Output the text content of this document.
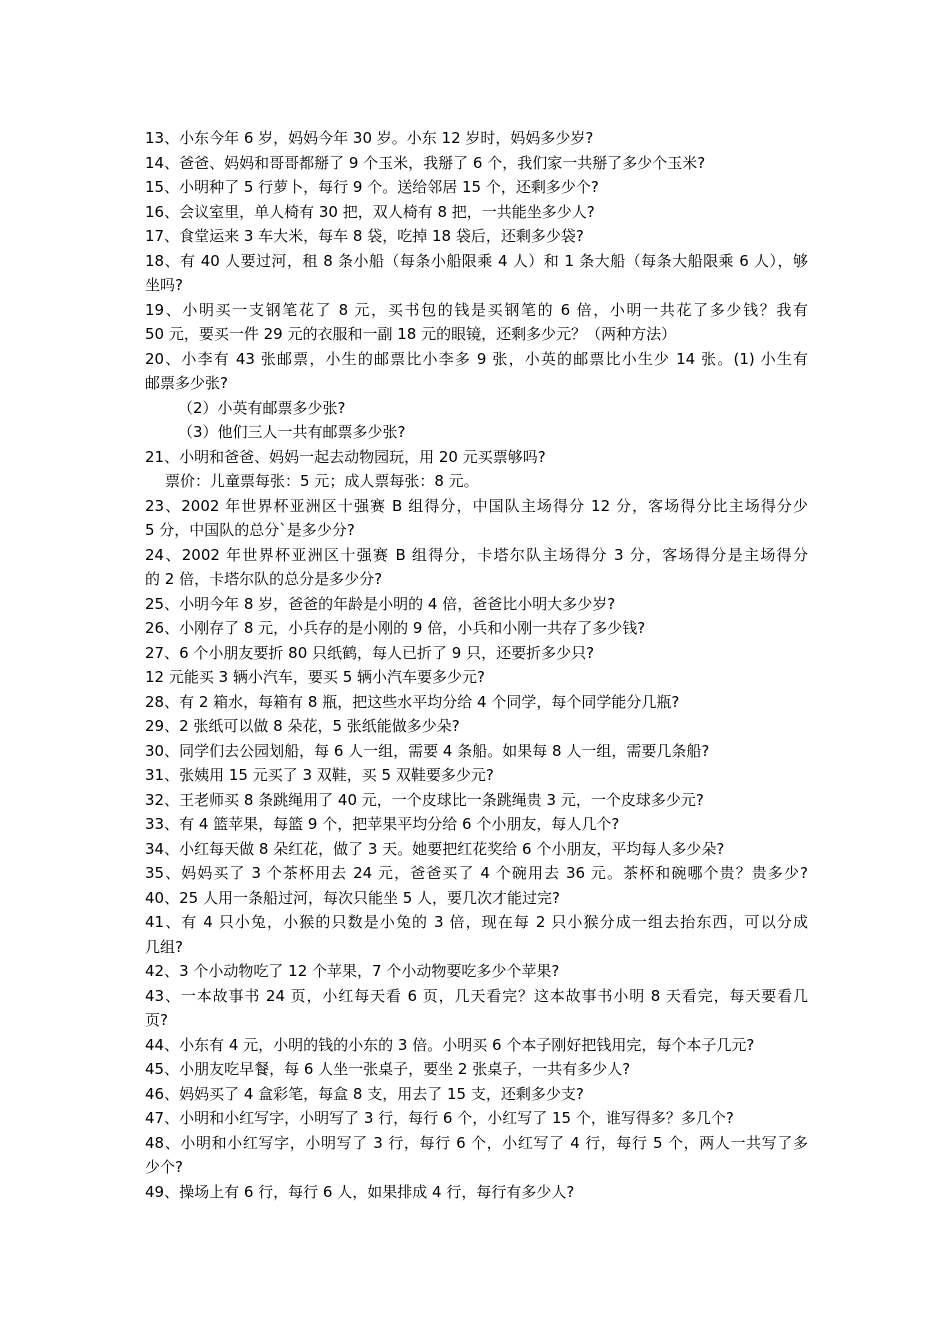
13、小东今年 6 岁，妈妈今年 30 岁。小东 12 岁时，妈妈多少岁?
14、爸爸、妈妈和哥哥都掰了 9 个玉米，我掰了 6 个，我们家一共掰了多少个玉米?
15、小明种了 5 行萝卜，每行 9 个。送给邻居 15 个，还剩多少个?
16、会议室里，单人椅有 30 把，双人椅有 8 把，一共能坐多少人?
17、食堂运来 3 车大米，每车 8 袋，吃掉 18 袋后，还剩多少袋?
18、有 40 人要过河，租 8 条小船（每条小船限乘 4 人）和 1 条大船（每条大船限乘 6 人），够
坐吗?
19、小明买一支钢笔花了 8 元，买书包的钱是买钢笔的 6 倍，小明一共花了多少钱？我有
50 元，要买一件 29 元的衣服和一副 18 元的眼镜，还剩多少元？（两种方法）
20、小李有 43 张邮票，小生的邮票比小李多 9 张，小英的邮票比小生少 14 张。(1) 小生有
邮票多少张?
（2）小英有邮票多少张?
（3）他们三人一共有邮票多少张?
21、小明和爸爸、妈妈一起去动物园玩，用 20 元买票够吗?
票价：儿童票每张：5 元；成人票每张：8 元。
23、2002 年世界杯亚洲区十强赛 B 组得分，中国队主场得分 12 分，客场得分比主场得分少
5 分，中国队的总分`是多少分?
24、2002 年世界杯亚洲区十强赛 B 组得分，卡塔尔队主场得分 3 分，客场得分是主场得分
的 2 倍，卡塔尔队的总分是多少分?
25、小明今年 8 岁，爸爸的年龄是小明的 4 倍，爸爸比小明大多少岁?
26、小刚存了 8 元，小兵存的是小刚的 9 倍，小兵和小刚一共存了多少钱?
27、6 个小朋友要折 80 只纸鹤，每人已折了 9 只，还要折多少只?
12 元能买 3 辆小汽车，要买 5 辆小汽车要多少元?
28、有 2 箱水，每箱有 8 瓶，把这些水平均分给 4 个同学，每个同学能分几瓶?
29、2 张纸可以做 8 朵花，5 张纸能做多少朵?
30、同学们去公园划船，每 6 人一组，需要 4 条船。如果每 8 人一组，需要几条船?
31、张姨用 15 元买了 3 双鞋，买 5 双鞋要多少元?
32、王老师买 8 条跳绳用了 40 元，一个皮球比一条跳绳贵 3 元，一个皮球多少元?
33、有 4 篮苹果，每篮 9 个，把苹果平均分给 6 个小朋友，每人几个?
34、小红每天做 8 朵红花，做了 3 天。她要把红花奖给 6 个小朋友，平均每人多少朵?
35、妈妈买了 3 个茶杯用去 24 元，爸爸买了 4 个碗用去 36 元。茶杯和碗哪个贵？贵多少?
40、25 人用一条船过河，每次只能坐 5 人，要几次才能过完?
41、有 4 只小兔，小猴的只数是小兔的 3 倍，现在每 2 只小猴分成一组去抬东西，可以分成
几组?
42、3 个小动物吃了 12 个苹果，7 个小动物要吃多少个苹果?
43、一本故事书 24 页，小红每天看 6 页，几天看完？这本故事书小明 8 天看完，每天要看几
页?
44、小东有 4 元，小明的钱的小东的 3 倍。小明买 6 个本子刚好把钱用完，每个本子几元?
45、小朋友吃早餐，每 6 人坐一张桌子，要坐 2 张桌子，一共有多少人?
46、妈妈买了 4 盒彩笔，每盒 8 支，用去了 15 支，还剩多少支?
47、小明和小红写字，小明写了 3 行，每行 6 个，小红写了 15 个，谁写得多？多几个?
48、小明和小红写字，小明写了 3 行，每行 6 个，小红写了 4 行，每行 5 个，两人一共写了多
少个?
49、操场上有 6 行，每行 6 人，如果排成 4 行，每行有多少人?
